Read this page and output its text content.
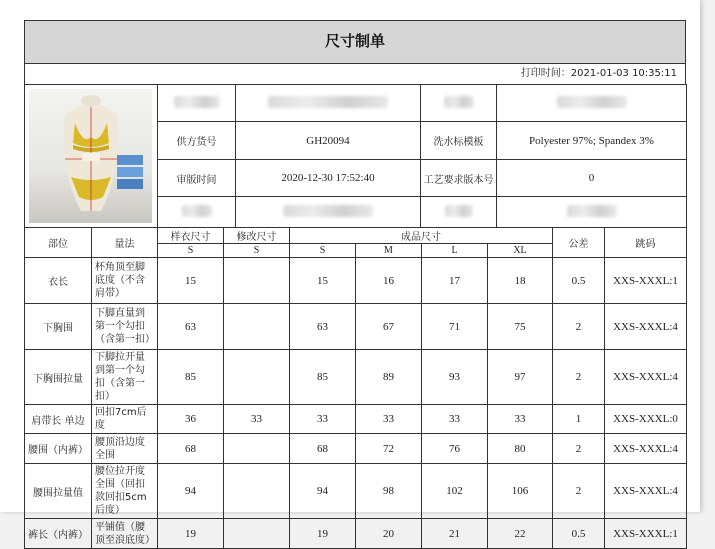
尺寸制单
打印时间：2021-01-03 10:35:11

	供方货号	GH20094	洗水标模板	Polyester 97%; Spandex 3%
	审版时间	2020-12-30 17:52:40	工艺要求版本号	0

部位	量法	样衣尺寸	修改尺寸	成品尺寸				公差	跳码
		S	S	S	M	L	XL		
衣长	杯角顶至脚底度（不含肩带）	15		15	16	17	18	0.5	XXS-XXXL:1
下胸围	下脚直量到第一个勾扣（含第一扣）	63		63	67	71	75	2	XXS-XXXL:4
下胸围拉量	下脚拉开量到第一个勾扣（含第一扣）	85		85	89	93	97	2	XXS-XXXL:4
肩带长 单边	回扣7cm后度	36	33	33	33	33	33	1	XXS-XXXL:0
腰围（内裤）	腰顶沿边度全围	68		68	72	76	80	2	XXS-XXXL:4
腰围拉量值	腰位拉开度全围（回扣款回扣5cm后度）	94		94	98	102	106	2	XXS-XXXL:4
裤长（内裤）	平铺值（腰顶至浪底度）	19		19	20	21	22	0.5	XXS-XXXL:1
